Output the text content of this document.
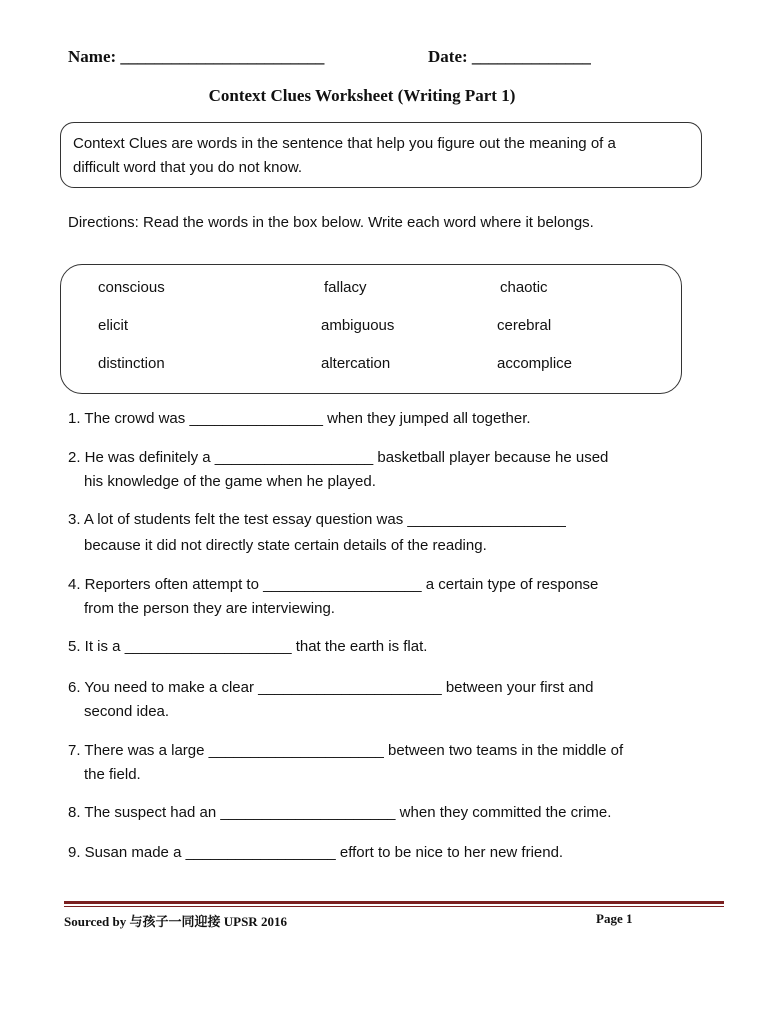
Name: ________________________	Date: ______________
Context Clues Worksheet (Writing Part 1)
Context Clues are words in the sentence that help you figure out the meaning of a
difficult word that you do not know.
Directions: Read the words in the box below. Write each word where it belongs.
conscious	fallacy	chaotic
elicit	ambiguous	cerebral
distinction	altercation	accomplice
1. The crowd was ________________ when they jumped all together.
2. He was definitely a ___________________ basketball player because he used
his knowledge of the game when he played.
3. A lot of students felt the test essay question was ___________________
because it did not directly state certain details of the reading.
4. Reporters often attempt to ___________________ a certain type of response
from the person they are interviewing.
5. It is a ____________________ that the earth is flat.
6. You need to make a clear ______________________ between your first and
second idea.
7. There was a large _____________________ between two teams in the middle of
the field.
8. The suspect had an _____________________ when they committed the crime.
9. Susan made a __________________ effort to be nice to her new friend.
Sourced by 与孩子一同迎接 UPSR 2016	Page 1
